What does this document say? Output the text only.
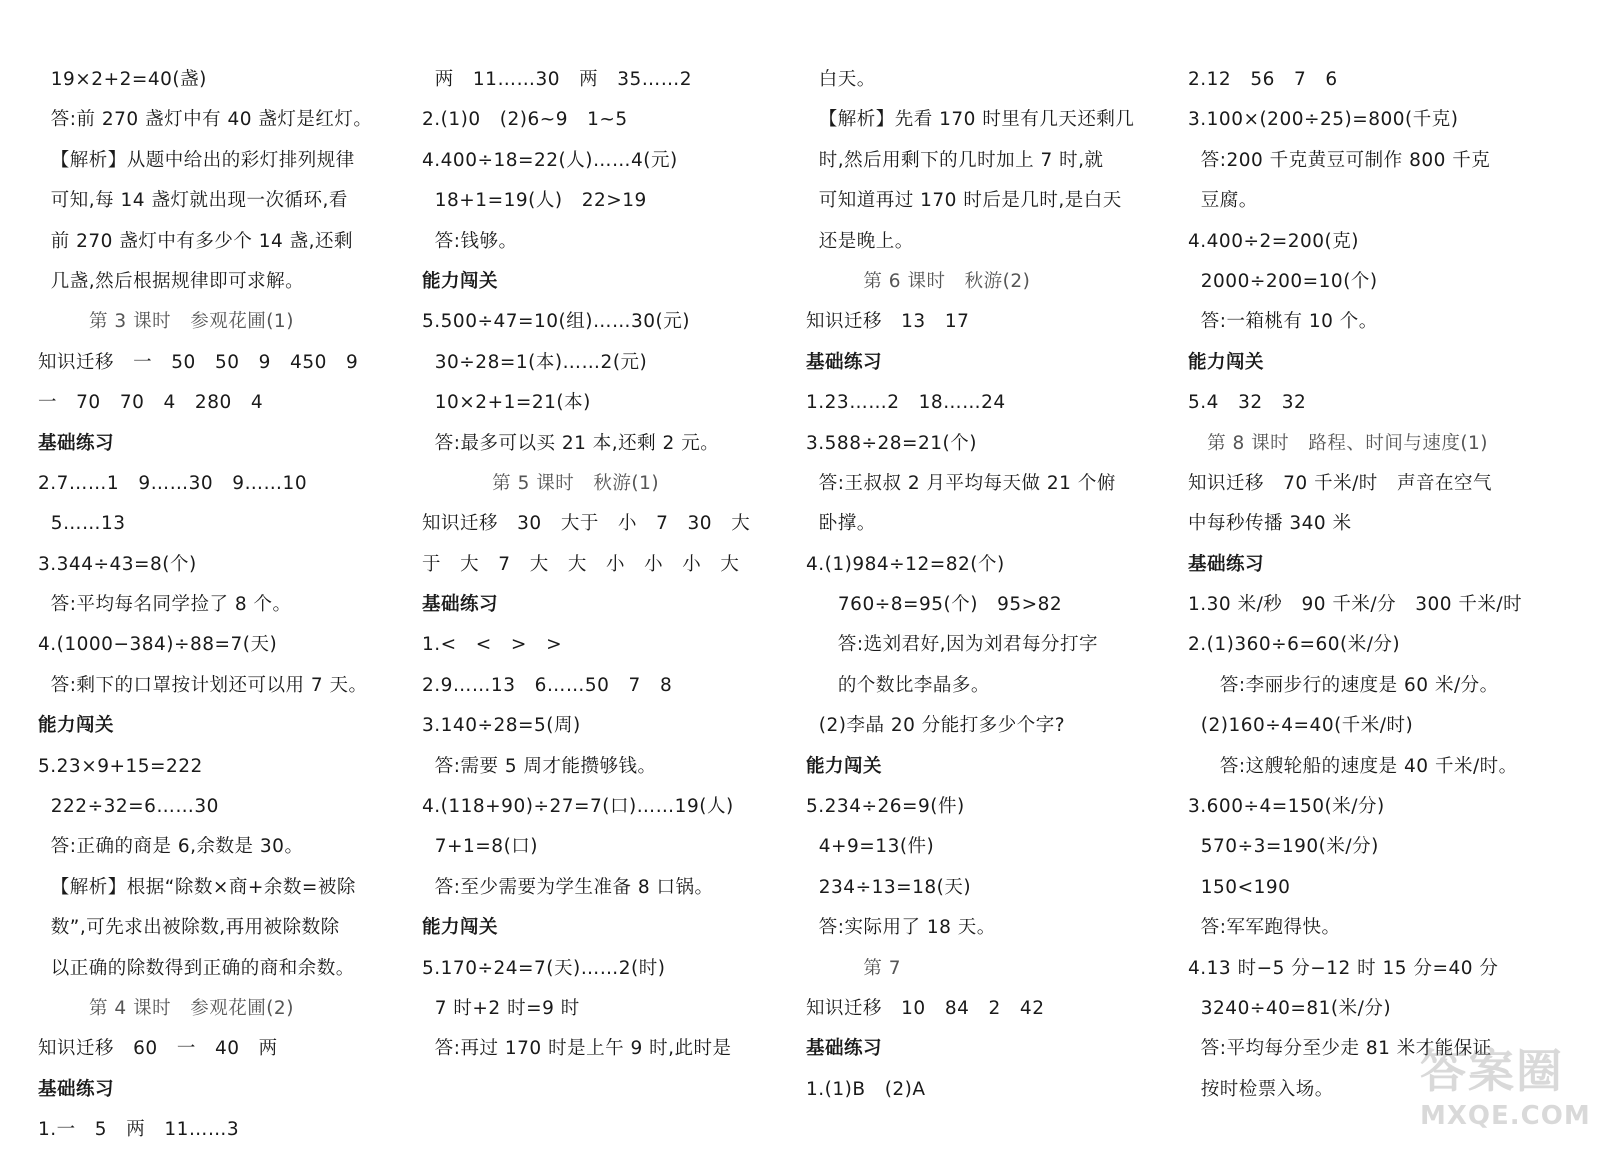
19×2+2=40(盏)
答:前 270 盏灯中有 40 盏灯是红灯。
【解析】从题中给出的彩灯排列规律
可知,每 14 盏灯就出现一次循环,看
前 270 盏灯中有多少个 14 盏,还剩
几盏,然后根据规律即可求解。
第 3 课时   参观花圃(1)
知识迁移   一   50   50   9   450   9
一   70   70   4   280   4
基础练习
2.7……1   9……30   9……10
5……13
3.344÷43=8(个)
答:平均每名同学捡了 8 个。
4.(1000−384)÷88=7(天)
答:剩下的口罩按计划还可以用 7 天。
能力闯关
5.23×9+15=222
222÷32=6……30
答:正确的商是 6,余数是 30。
【解析】根据“除数×商+余数=被除
数”,可先求出被除数,再用被除数除
以正确的除数得到正确的商和余数。
第 4 课时   参观花圃(2)
知识迁移   60   一   40   两
基础练习
1.一   5   两   11……3
两   11……30   两   35……2
2.(1)0   (2)6~9   1~5
4.400÷18=22(人)……4(元)
18+1=19(人)   22>19
答:钱够。
能力闯关
5.500÷47=10(组)……30(元)
30÷28=1(本)……2(元)
10×2+1=21(本)
答:最多可以买 21 本,还剩 2 元。
第 5 课时   秋游(1)
知识迁移   30   大于   小   7   30   大
于   大   7   大   大   小   小   小   大
基础练习
1.<   <   >   >
2.9……13   6……50   7   8
3.140÷28=5(周)
答:需要 5 周才能攒够钱。
4.(118+90)÷27=7(口)……19(人)
7+1=8(口)
答:至少需要为学生准备 8 口锅。
能力闯关
5.170÷24=7(天)……2(时)
7 时+2 时=9 时
答:再过 170 时是上午 9 时,此时是
白天。
【解析】先看 170 时里有几天还剩几
时,然后用剩下的几时加上 7 时,就
可知道再过 170 时后是几时,是白天
还是晚上。
第 6 课时   秋游(2)
知识迁移   13   17
基础练习
1.23……2   18……24
3.588÷28=21(个)
答:王叔叔 2 月平均每天做 21 个俯
卧撑。
4.(1)984÷12=82(个)
760÷8=95(个)   95>82
答:选刘君好,因为刘君每分打字
的个数比李晶多。
(2)李晶 20 分能打多少个字?
能力闯关
5.234÷26=9(件)
4+9=13(件)
234÷13=18(天)
答:实际用了 18 天。
第 7
知识迁移   10   84   2   42
基础练习
1.(1)B   (2)A
2.12   56   7   6
3.100×(200÷25)=800(千克)
答:200 千克黄豆可制作 800 千克
豆腐。
4.400÷2=200(克)
2000÷200=10(个)
答:一箱桃有 10 个。
能力闯关
5.4   32   32
第 8 课时   路程、时间与速度(1)
知识迁移   70 千米/时   声音在空气
中每秒传播 340 米
基础练习
1.30 米/秒   90 千米/分   300 千米/时
2.(1)360÷6=60(米/分)
答:李丽步行的速度是 60 米/分。
(2)160÷4=40(千米/时)
答:这艘轮船的速度是 40 千米/时。
3.600÷4=150(米/分)
570÷3=190(米/分)
150<190
答:军军跑得快。
4.13 时−5 分−12 时 15 分=40 分
3240÷40=81(米/分)
答:平均每分至少走 81 米才能保证
按时检票入场。	答案圈
MXQE.COM
